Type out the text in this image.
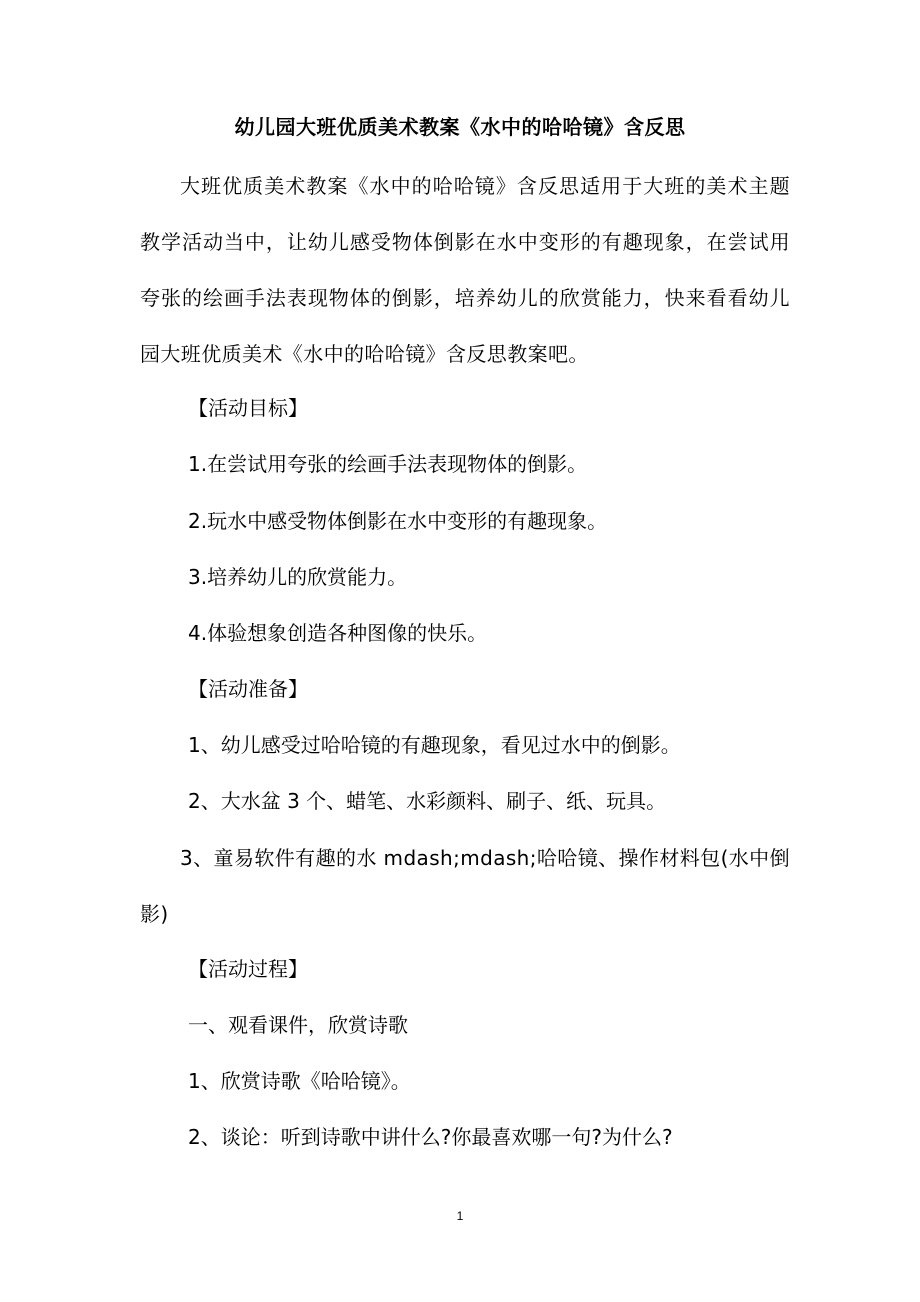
幼儿园大班优质美术教案《水中的哈哈镜》含反思
大班优质美术教案《水中的哈哈镜》含反思适用于大班的美术主题教学活动当中，让幼儿感受物体倒影在水中变形的有趣现象，在尝试用夸张的绘画手法表现物体的倒影，培养幼儿的欣赏能力，快来看看幼儿园大班优质美术《水中的哈哈镜》含反思教案吧。
【活动目标】
1.在尝试用夸张的绘画手法表现物体的倒影。
2.玩水中感受物体倒影在水中变形的有趣现象。
3.培养幼儿的欣赏能力。
4.体验想象创造各种图像的快乐。
【活动准备】
1、幼儿感受过哈哈镜的有趣现象，看见过水中的倒影。
2、大水盆 3 个、蜡笔、水彩颜料、刷子、纸、玩具。
3、童易软件有趣的水 mdash;mdash;哈哈镜、操作材料包(水中倒影)
【活动过程】
一、观看课件，欣赏诗歌
1、欣赏诗歌《哈哈镜》。
2、谈论：听到诗歌中讲什么?你最喜欢哪一句?为什么?
1
